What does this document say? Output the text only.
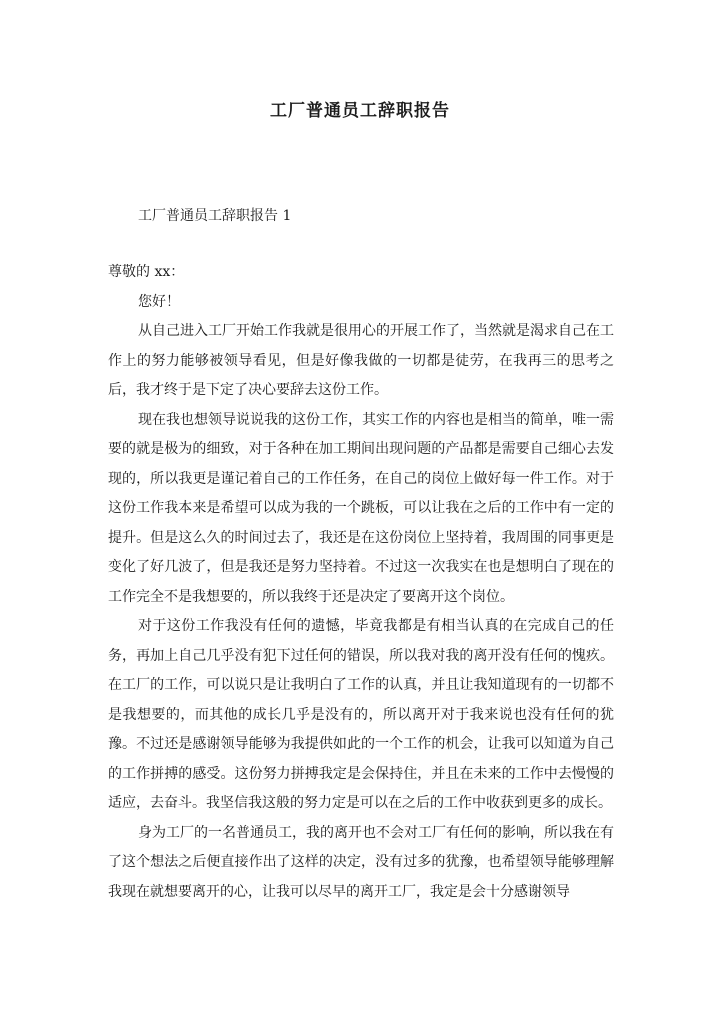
工厂普通员工辞职报告
工厂普通员工辞职报告 1

尊敬的 xx：

您好！

从自己进入工厂开始工作我就是很用心的开展工作了，当然就是渴求自己在工作上的努力能够被领导看见，但是好像我做的一切都是徒劳，在我再三的思考之后，我才终于是下定了决心要辞去这份工作。

现在我也想领导说说我的这份工作，其实工作的内容也是相当的简单，唯一需要的就是极为的细致，对于各种在加工期间出现问题的产品都是需要自己细心去发现的，所以我更是谨记着自己的工作任务，在自己的岗位上做好每一件工作。对于这份工作我本来是希望可以成为我的一个跳板，可以让我在之后的工作中有一定的提升。但是这么久的时间过去了，我还是在这份岗位上坚持着，我周围的同事更是变化了好几波了，但是我还是努力坚持着。不过这一次我实在也是想明白了现在的工作完全不是我想要的，所以我终于还是决定了要离开这个岗位。

对于这份工作我没有任何的遗憾，毕竟我都是有相当认真的在完成自己的任务，再加上自己几乎没有犯下过任何的错误，所以我对我的离开没有任何的愧疚。在工厂的工作，可以说只是让我明白了工作的认真，并且让我知道现有的一切都不是我想要的，而其他的成长几乎是没有的，所以离开对于我来说也没有任何的犹豫。不过还是感谢领导能够为我提供如此的一个工作的机会，让我可以知道为自己的工作拼搏的感受。这份努力拼搏我定是会保持住，并且在未来的工作中去慢慢的适应，去奋斗。我坚信我这般的努力定是可以在之后的工作中收获到更多的成长。

身为工厂的一名普通员工，我的离开也不会对工厂有任何的影响，所以我在有了这个想法之后便直接作出了这样的决定，没有过多的犹豫，也希望领导能够理解我现在就想要离开的心，让我可以尽早的离开工厂，我定是会十分感谢领导
